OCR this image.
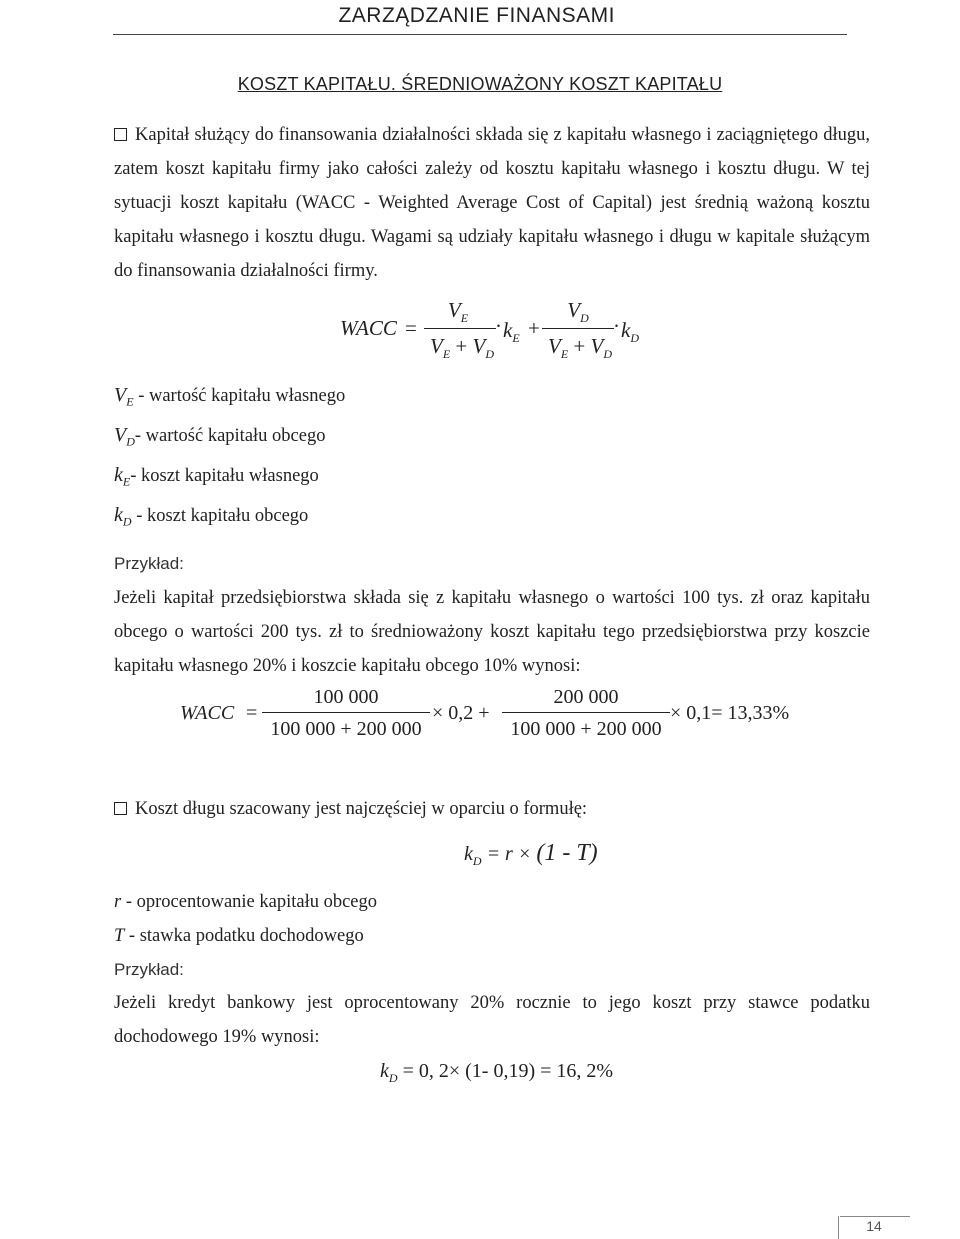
ZARZĄDZANIE FINANSAMI
KOSZT KAPITAŁU. ŚREDNIOWAŻONY KOSZT KAPITAŁU
Kapitał służący do finansowania działalności składa się z kapitału własnego i zaciągniętego długu, zatem koszt kapitału firmy jako całości zależy od kosztu kapitału własnego i kosztu długu. W tej sytuacji koszt kapitału (WACC - Weighted Average Cost of Capital) jest średnią ważoną kosztu kapitału własnego i kosztu długu. Wagami są udziały kapitału własnego i długu w kapitale służącym do finansowania działalności firmy.
WACC =
$V_E$
$V_E + V_D$
· $k_E$ +
$V_D$
$V_E + V_D$
· $k_D$
$V_E$ - wartość kapitału własnego
$V_D-$ wartość kapitału obcego
$k_E-$ koszt kapitału własnego
$k_D$ - koszt kapitału obcego
Przykład:
Jeżeli kapitał przedsiębiorstwa składa się z kapitału własnego o wartości 100 tys. zł oraz kapitału obcego o wartości 200 tys. zł to średnioważony koszt kapitału tego przedsiębiorstwa przy koszcie kapitału własnego 20% i koszcie kapitału obcego 10% wynosi:
WACC =
100 000
100 000 + 200 000
× 0,2 +
200 000
100 000 + 200 000
× 0,1= 13,33%
Koszt długu szacowany jest najczęściej w oparciu o formułę:
$k_D = r \times (1 - T)$
r - oprocentowanie kapitału obcego
T - stawka podatku dochodowego
Przykład:
Jeżeli kredyt bankowy jest oprocentowany 20% rocznie to jego koszt przy stawce podatku dochodowego 19% wynosi:
$k_D = 0$, 2× (1- 0,19) = 16, 2%
14
